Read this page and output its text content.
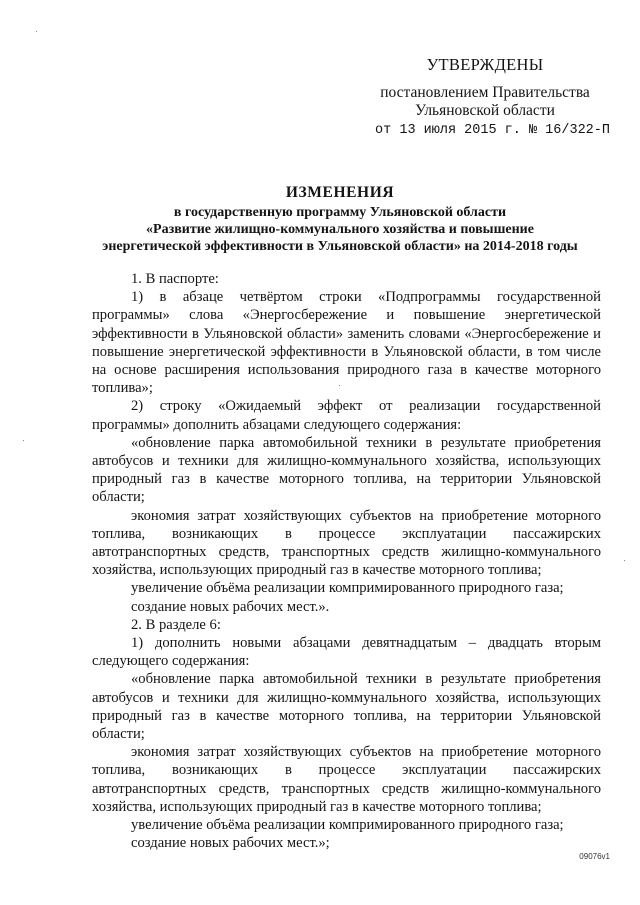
УТВЕРЖДЕНЫ
постановлением Правительства
Ульяновской области
от 13 июля 2015 г. № 16/322-П
ИЗМЕНЕНИЯ
в государственную программу Ульяновской области
«Развитие жилищно-коммунального хозяйства и повышение
энергетической эффективности в Ульяновской области» на 2014-2018 годы

1. В паспорте:

1) в абзаце четвёртом строки «Подпрограммы государственной программы» слова «Энергосбережение и повышение энергетической эффективности в Ульяновской области» заменить словами «Энергосбережение и повышение энергетической эффективности в Ульяновской области, в том числе на основе расширения использования природного газа в качестве моторного топлива»;

2) строку «Ожидаемый эффект от реализации государственной программы» дополнить абзацами следующего содержания:

«обновление парка автомобильной техники в результате приобретения автобусов и техники для жилищно-коммунального хозяйства, использующих природный газ в качестве моторного топлива, на территории Ульяновской области;

экономия затрат хозяйствующих субъектов на приобретение моторного топлива, возникающих в процессе эксплуатации пассажирских автотранспортных средств, транспортных средств жилищно-коммунального хозяйства, использующих природный газ в качестве моторного топлива;

увеличение объёма реализации компримированного природного газа;

создание новых рабочих мест.».

2. В разделе 6:

1) дополнить новыми абзацами девятнадцатым – двадцать вторым следующего содержания:

«обновление парка автомобильной техники в результате приобретения автобусов и техники для жилищно-коммунального хозяйства, использующих природный газ в качестве моторного топлива, на территории Ульяновской области;

экономия затрат хозяйствующих субъектов на приобретение моторного топлива, возникающих в процессе эксплуатации пассажирских автотранспортных средств, транспортных средств жилищно-коммунального хозяйства, использующих природный газ в качестве моторного топлива;

увеличение объёма реализации компримированного природного газа;

создание новых рабочих мест.»;

09076v1
